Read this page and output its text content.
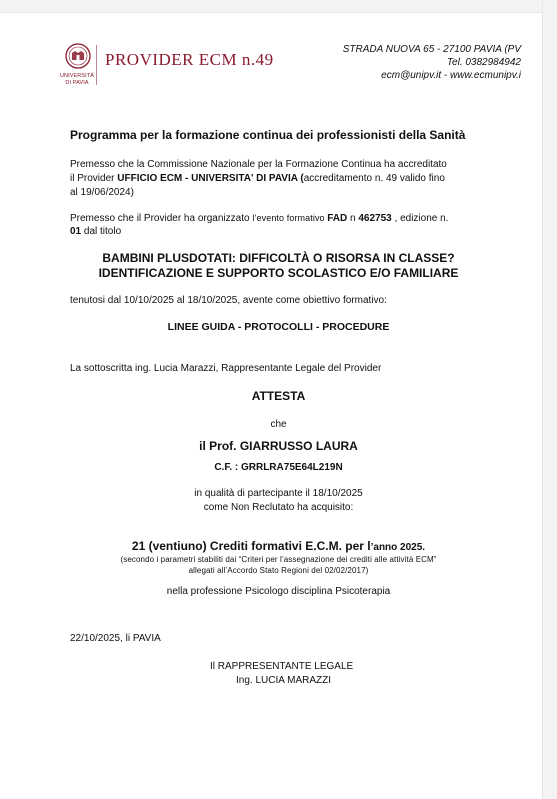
UNIVERSITÀ
DI PAVIA
PROVIDER ECM n.49
STRADA NUOVA 65 - 27100 PAVIA (PV
Tel. 0382984942
ecm@unipv.it - www.ecmunipv.i
Programma per la formazione continua dei professionisti della Sanità
Premesso che la Commissione Nazionale per la Formazione Continua ha accreditato
il Provider UFFICIO ECM - UNIVERSITA' DI PAVIA (accreditamento n. 49 valido fino
al 19/06/2024)
Premesso che il Provider ha organizzato l’evento formativo FAD n 462753 , edizione n.
01 dal titolo
BAMBINI PLUSDOTATI: DIFFICOLTÀ O RISORSA IN CLASSE?
IDENTIFICAZIONE E SUPPORTO SCOLASTICO E/O FAMILIARE
tenutosi dal 10/10/2025 al 18/10/2025, avente come obiettivo formativo:
LINEE GUIDA - PROTOCOLLI - PROCEDURE
La sottoscritta ing. Lucia Marazzi, Rappresentante Legale del Provider
ATTESTA
che
il Prof. GIARRUSSO LAURA
C.F. : GRRLRA75E64L219N
in qualità di partecipante il 18/10/2025
come Non Reclutato ha acquisito:
21 (ventiuno) Crediti formativi E.C.M. per l’anno 2025.
(secondo i parametri stabiliti dai “Criteri per l’assegnazione dei crediti alle attività ECM”
allegati all’Accordo Stato Regioni del 02/02/2017)
nella professione Psicologo disciplina Psicoterapia
22/10/2025, li PAVIA
Il RAPPRESENTANTE LEGALE
Ing. LUCIA MARAZZI
